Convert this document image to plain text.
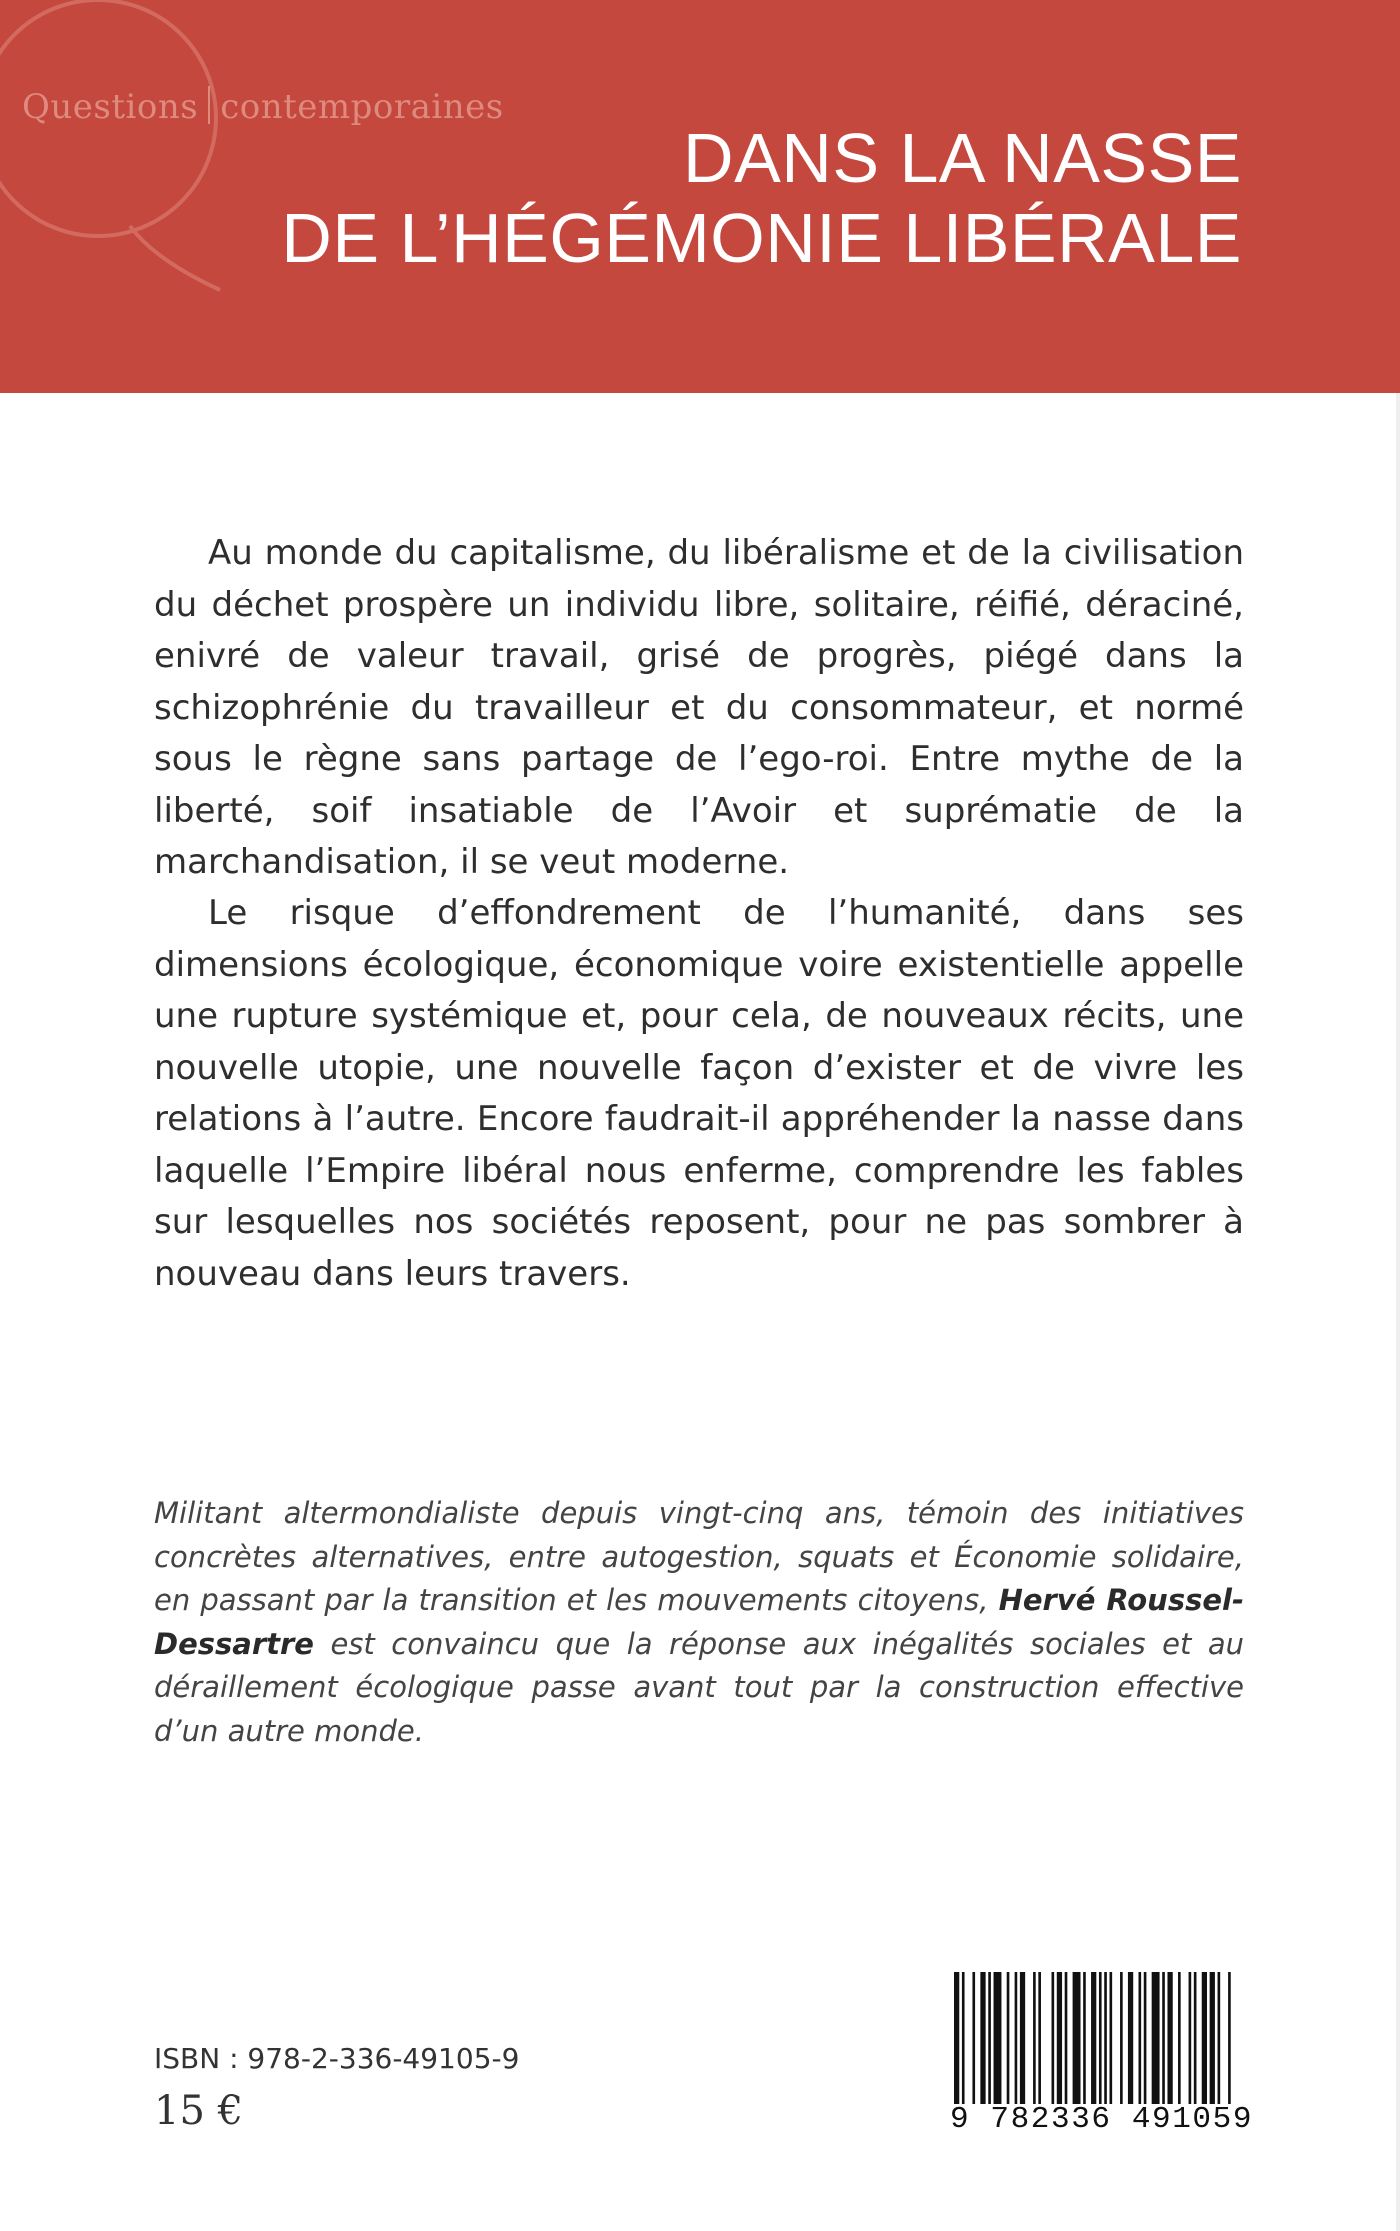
Questions contemporaines
DANS LA NASSE
DE L’HÉGÉMONIE LIBÉRALE

Au monde du capitalisme, du libéralisme et de la civilisation du déchet prospère un individu libre, solitaire, réifié, déraciné, enivré de valeur travail, grisé de progrès, piégé dans la schizophrénie du travailleur et du consommateur, et normé sous le règne sans partage de l’ego-roi. Entre mythe de la liberté, soif insatiable de l’Avoir et suprématie de la marchandisation, il se veut moderne.

Le risque d’effondrement de l’humanité, dans ses dimensions écologique, économique voire existentielle appelle une rupture systémique et, pour cela, de nouveaux récits, une nouvelle utopie, une nouvelle façon d’exister et de vivre les relations à l’autre. Encore faudrait-il appréhender la nasse dans laquelle l’Empire libéral nous enferme, comprendre les fables sur lesquelles nos sociétés reposent, pour ne pas sombrer à nouveau dans leurs travers.

Militant altermondialiste depuis vingt-cinq ans, témoin des initiatives concrètes alternatives, entre autogestion, squats et Économie solidaire, en passant par la transition et les mouvements citoyens, Hervé Roussel-Dessartre est convaincu que la réponse aux inégalités sociales et au déraillement écologique passe avant tout par la construction effective d’un autre monde.

ISBN : 978-2-336-49105-9
15 €	9 782336 491059
